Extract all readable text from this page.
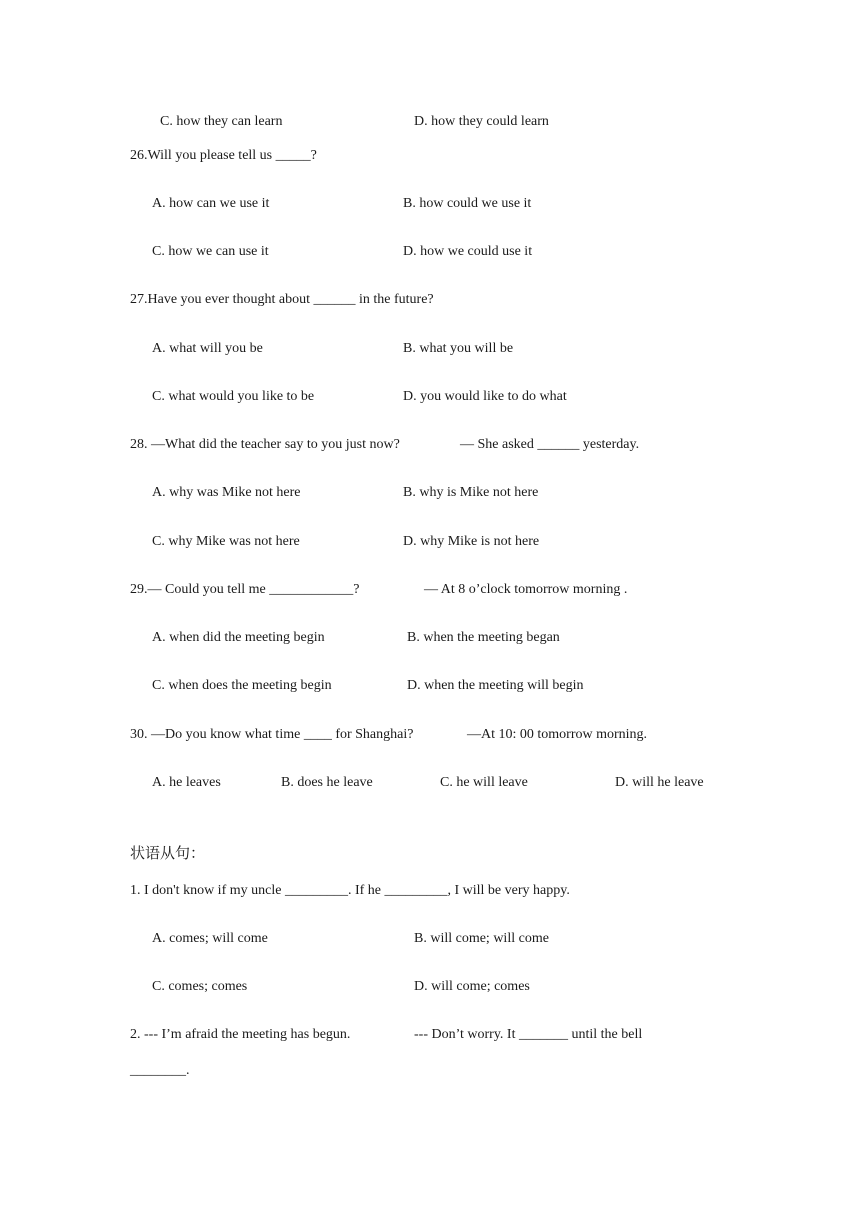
C. how they can learn	D. how they could learn
26.Will you please tell us _____?
A. how can we use it	B. how could we use it
C. how we can use it	D. how we could use it
27.Have you ever thought about ______ in the future?
A. what will you be	B. what you will be
C. what would you like to be	D. you would like to do what
28. —What did the teacher say to you just now?	— She asked ______ yesterday.
A. why was Mike not here	B. why is Mike not here
C. why Mike was not here	D. why Mike is not here
29.— Could you tell me ____________?	— At 8 o’clock tomorrow morning .
A. when did the meeting begin	B. when the meeting began
C. when does the meeting begin	D. when the meeting will begin
30. —Do you know what time ____ for Shanghai?	—At 10: 00 tomorrow morning.
A. he leaves	B. does he leave	C. he will leave	D. will he leave
状语从句：
1. I don't know if my uncle _________. If he _________, I will be very happy.
A. comes; will come	B. will come; will come
C. comes; comes	D. will come; comes
2. --- I’m afraid the meeting has begun.	--- Don’t worry. It _______ until the bell
________.
